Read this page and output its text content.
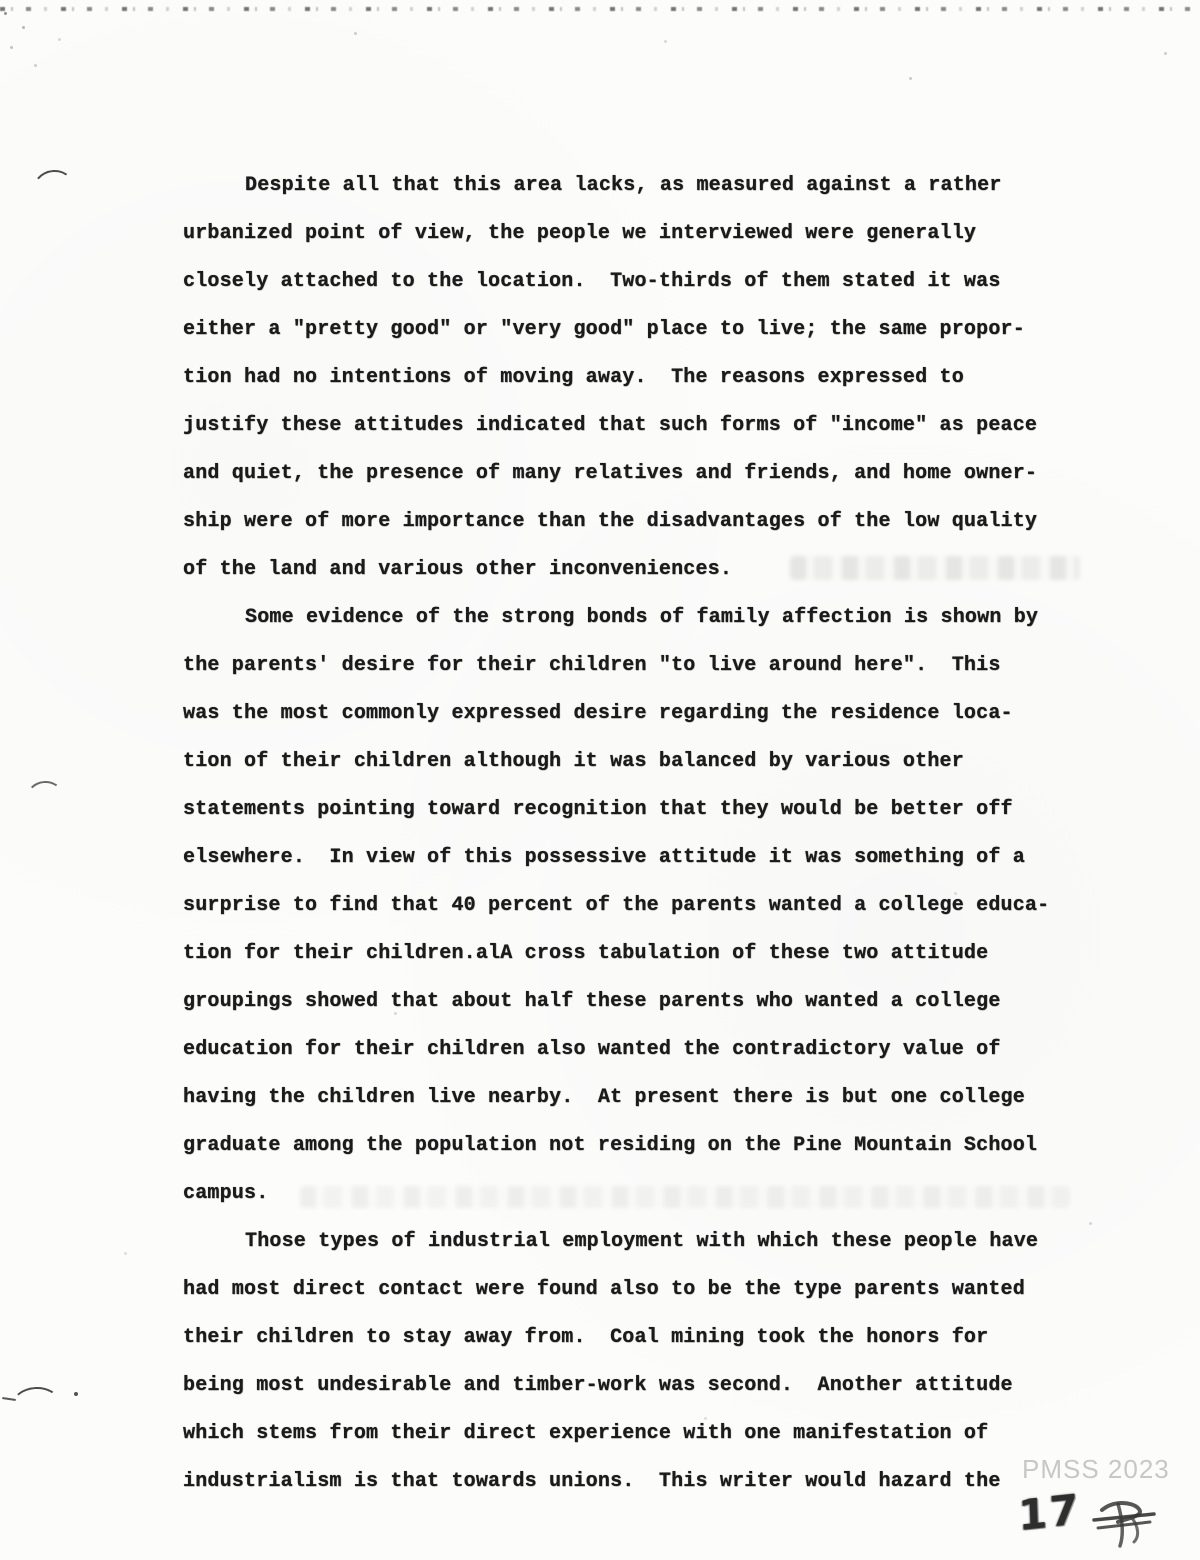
Despite all that this area lacks, as measured against a rather
urbanized point of view, the people we interviewed were generally
closely attached to the location.  Two-thirds of them stated it was
either a "pretty good" or "very good" place to live; the same propor-
tion had no intentions of moving away.  The reasons expressed to
justify these attitudes indicated that such forms of "income" as peace
and quiet, the presence of many relatives and friends, and home owner-
ship were of more importance than the disadvantages of the low quality
of the land and various other inconveniences.
Some evidence of the strong bonds of family affection is shown by
the parents' desire for their children "to live around here".  This
was the most commonly expressed desire regarding the residence loca-
tion of their children although it was balanced by various other
statements pointing toward recognition that they would be better off
elsewhere.  In view of this possessive attitude it was something of a
surprise to find that 40 percent of the parents wanted a college educa-
tion for their children.alA cross tabulation of these two attitude
groupings showed that about half these parents who wanted a college
education for their children also wanted the contradictory value of
having the children live nearby.  At present there is but one college
graduate among the population not residing on the Pine Mountain School
campus.
Those types of industrial employment with which these people have
had most direct contact were found also to be the type parents wanted
their children to stay away from.  Coal mining took the honors for
being most undesirable and timber-work was second.  Another attitude
which stems from their direct experience with one manifestation of
industrialism is that towards unions.  This writer would hazard the PMSS 2023
17
